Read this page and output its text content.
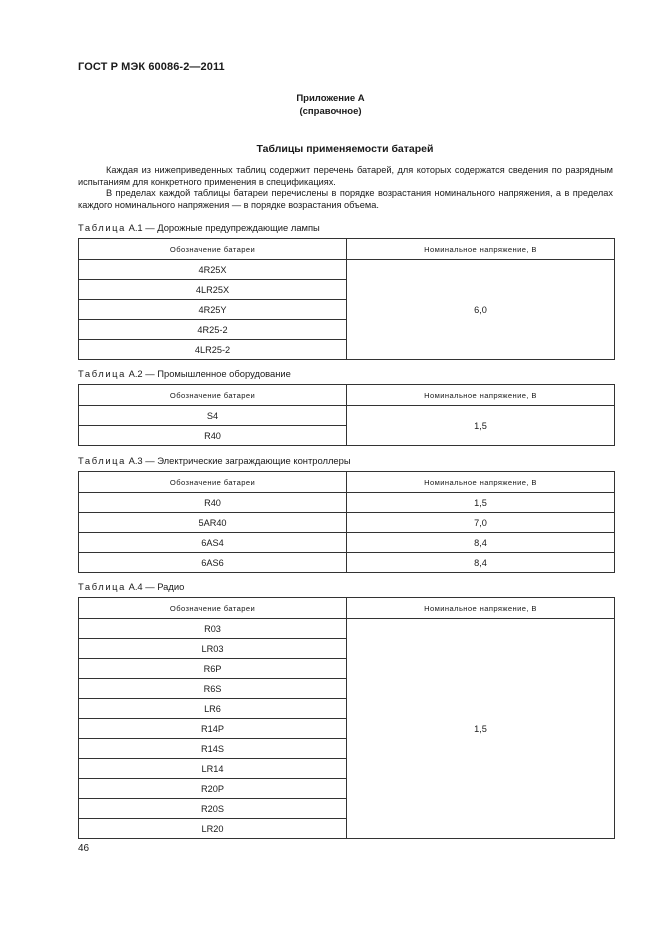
ГОСТ Р МЭК 60086-2—2011
Приложение А
(справочное)
Таблицы применяемости батарей

Каждая из нижеприведенных таблиц содержит перечень батарей, для которых содержатся сведения по разрядным испытаниям для конкретного применения в спецификациях.

В пределах каждой таблицы батареи перечислены в порядке возрастания номинального напряжения, а в пределах каждого номинального напряжения — в порядке возрастания объема.

Таблица А.1 — Дорожные предупреждающие лампы
Обозначение батареи	Номинальное напряжение, В
4R25X	6,0
4LR25X	
4R25Y	
4R25-2	
4LR25-2	
Таблица А.2 — Промышленное оборудование
Обозначение батареи	Номинальное напряжение, В
S4	1,5
R40	
Таблица А.3 — Электрические заграждающие контроллеры
Обозначение батареи	Номинальное напряжение, В
R40	1,5
5AR40	7,0
6AS4	8,4
6AS6	8,4
Таблица А.4 — Радио
Обозначение батареи	Номинальное напряжение, В
R03	1,5
LR03	
R6P	
R6S	
LR6	
R14P	
R14S	
LR14	
R20P	
R20S	
LR20	
46
